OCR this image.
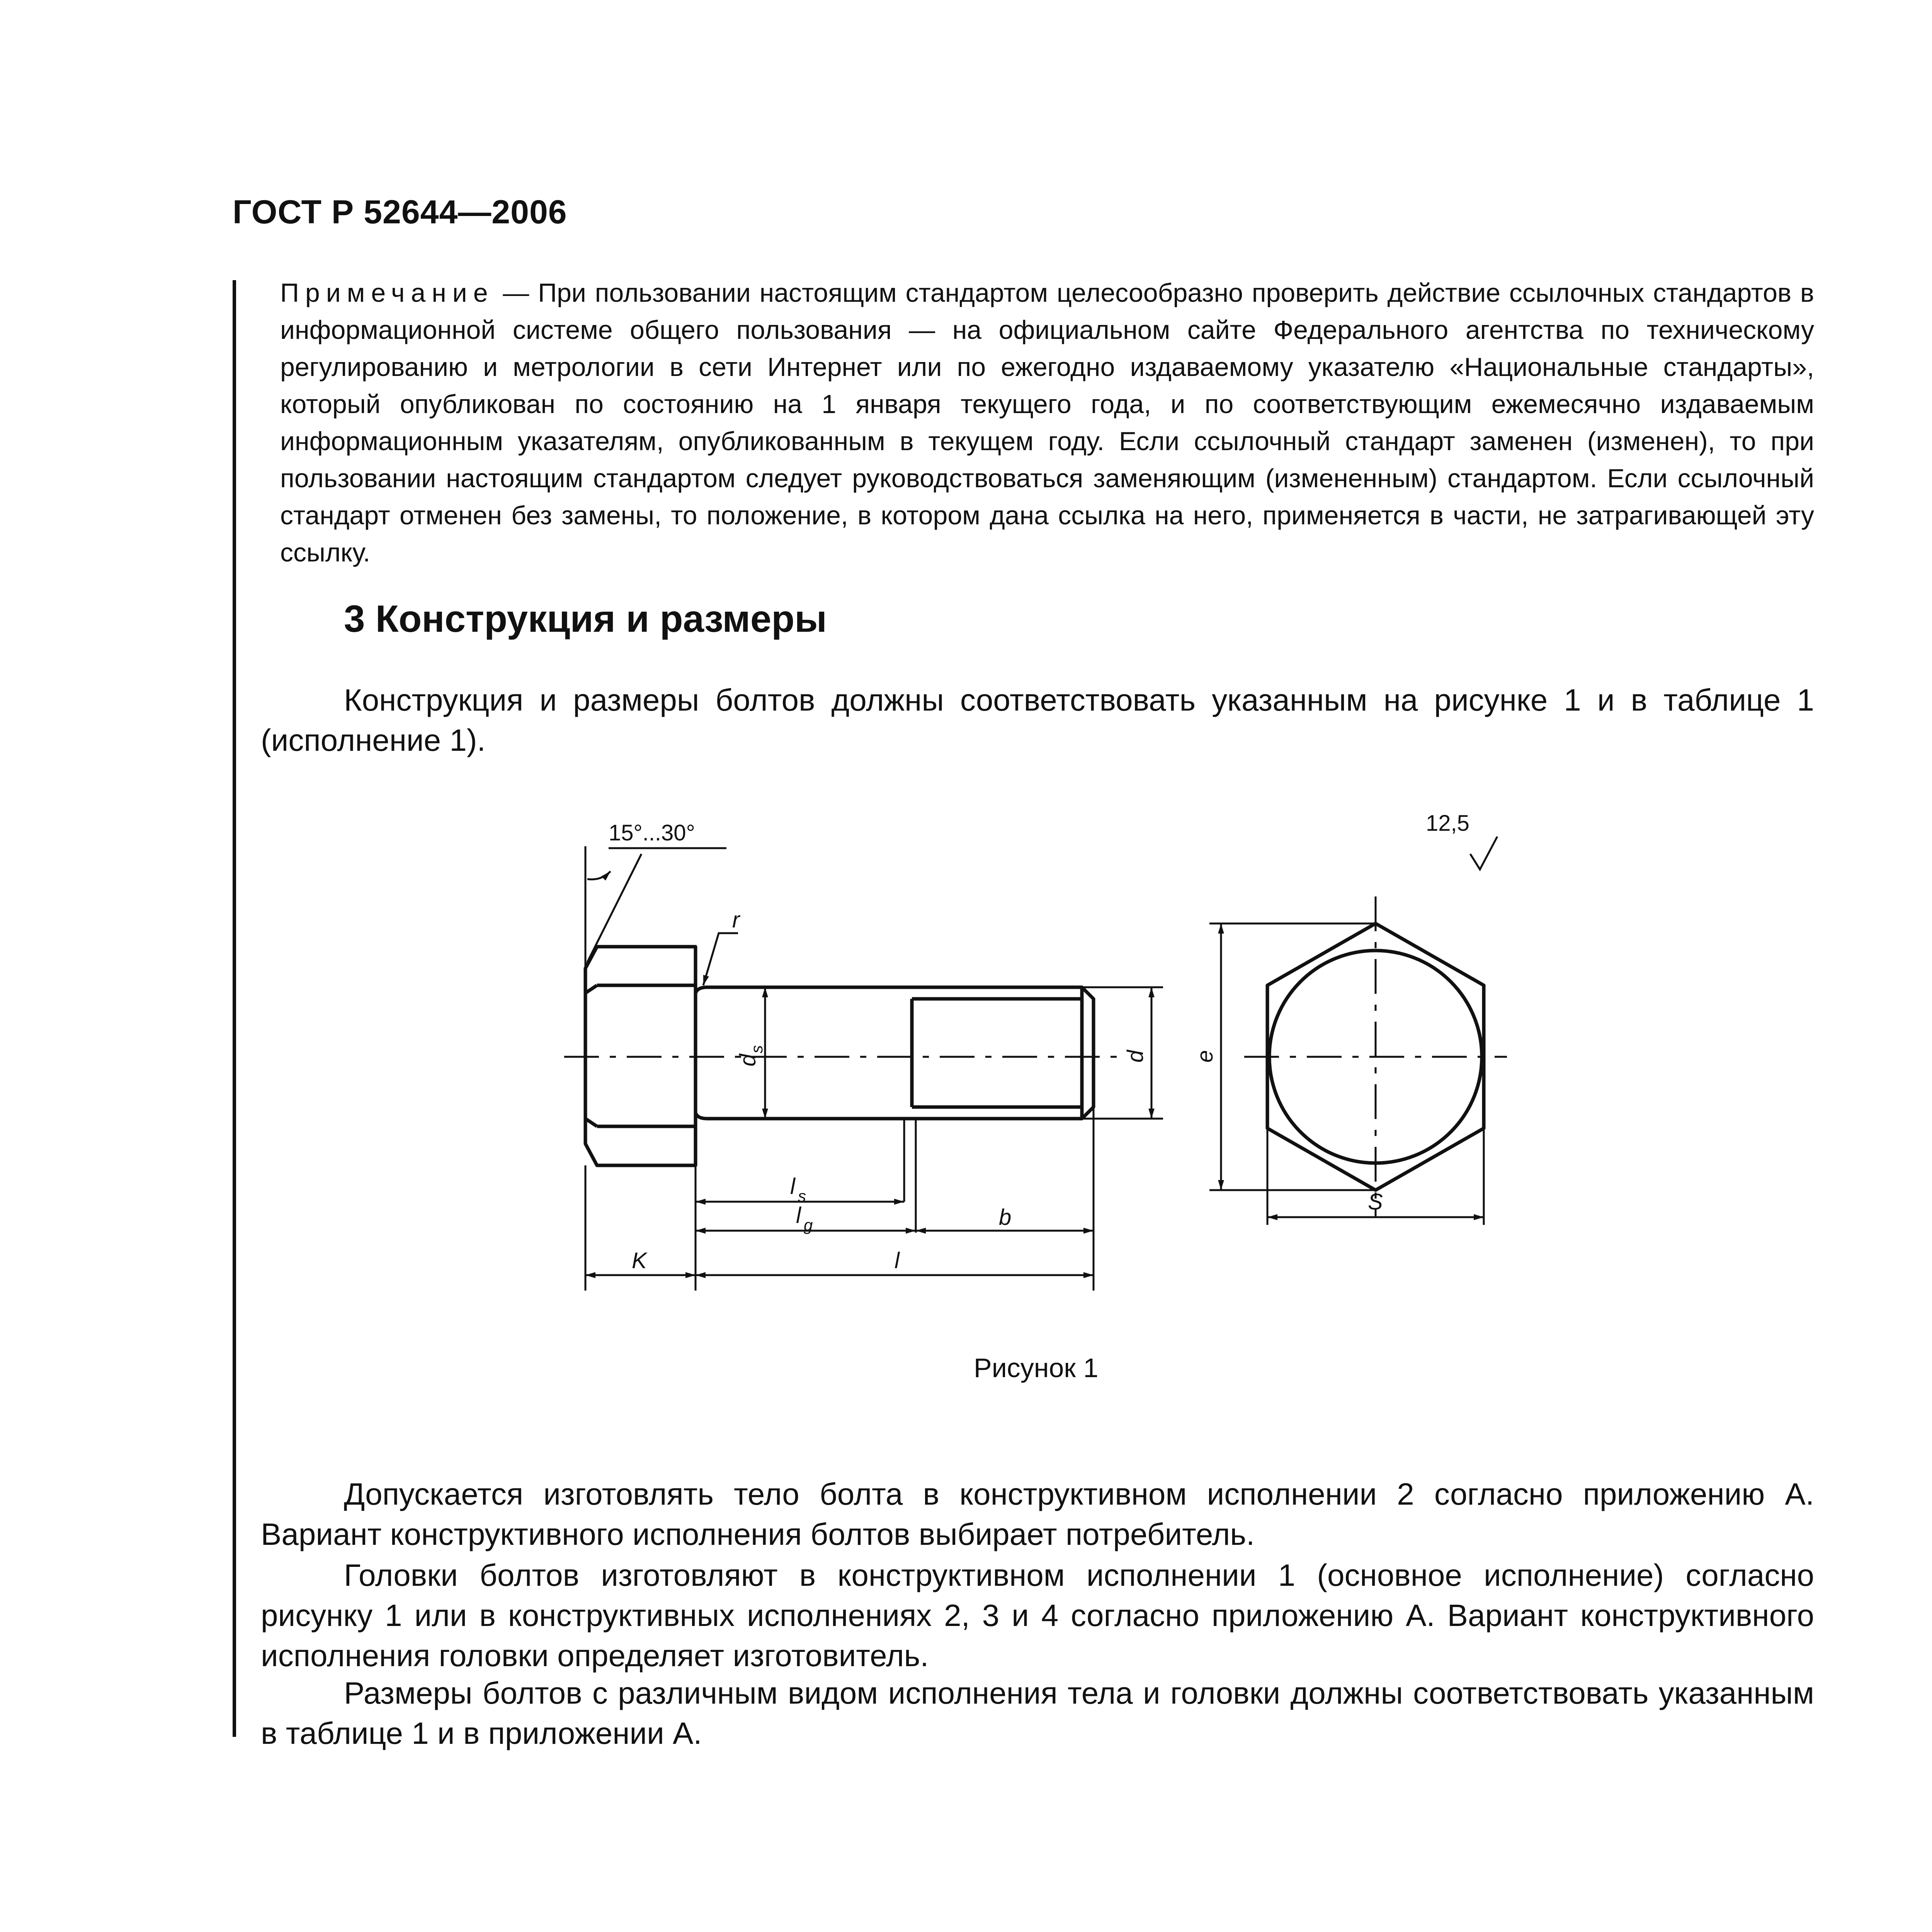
ГОСТ Р 52644—2006
Примечание — При пользовании настоящим стандартом целесообразно проверить действие ссылочных стандартов в информационной системе общего пользования — на официальном сайте Федерального агентства по техническому регулированию и метрологии в сети Интернет или по ежегодно издаваемому указателю «Национальные стандарты», который опубликован по состоянию на 1 января текущего года, и по соответствующим ежемесячно издаваемым информационным указателям, опубликованным в текущем году. Если ссылочный стандарт заменен (изменен), то при пользовании настоящим стандартом следует руководствоваться заменяющим (измененным) стандартом. Если ссылочный стандарт отменен без замены, то положение, в котором дана ссылка на него, применяется в части, не затрагивающей эту ссылку.
3 Конструкция и размеры
Конструкция и размеры болтов должны соответствовать указанным на рисунке 1 и в таблице 1 (исполнение 1).
15°...30°	12,5
r
d
s
d e
l s
l g	b
K	l
S
Рисунок 1
Допускается изготовлять тело болта в конструктивном исполнении 2 согласно приложению А. Вариант конструктивного исполнения болтов выбирает потребитель.
Головки болтов изготовляют в конструктивном исполнении 1 (основное исполнение) согласно рисунку 1 или в конструктивных исполнениях 2, 3 и 4 согласно приложению А. Вариант конструктивного исполнения головки определяет изготовитель.
Размеры болтов с различным видом исполнения тела и головки должны соответствовать указанным в таблице 1 и в приложении А.
